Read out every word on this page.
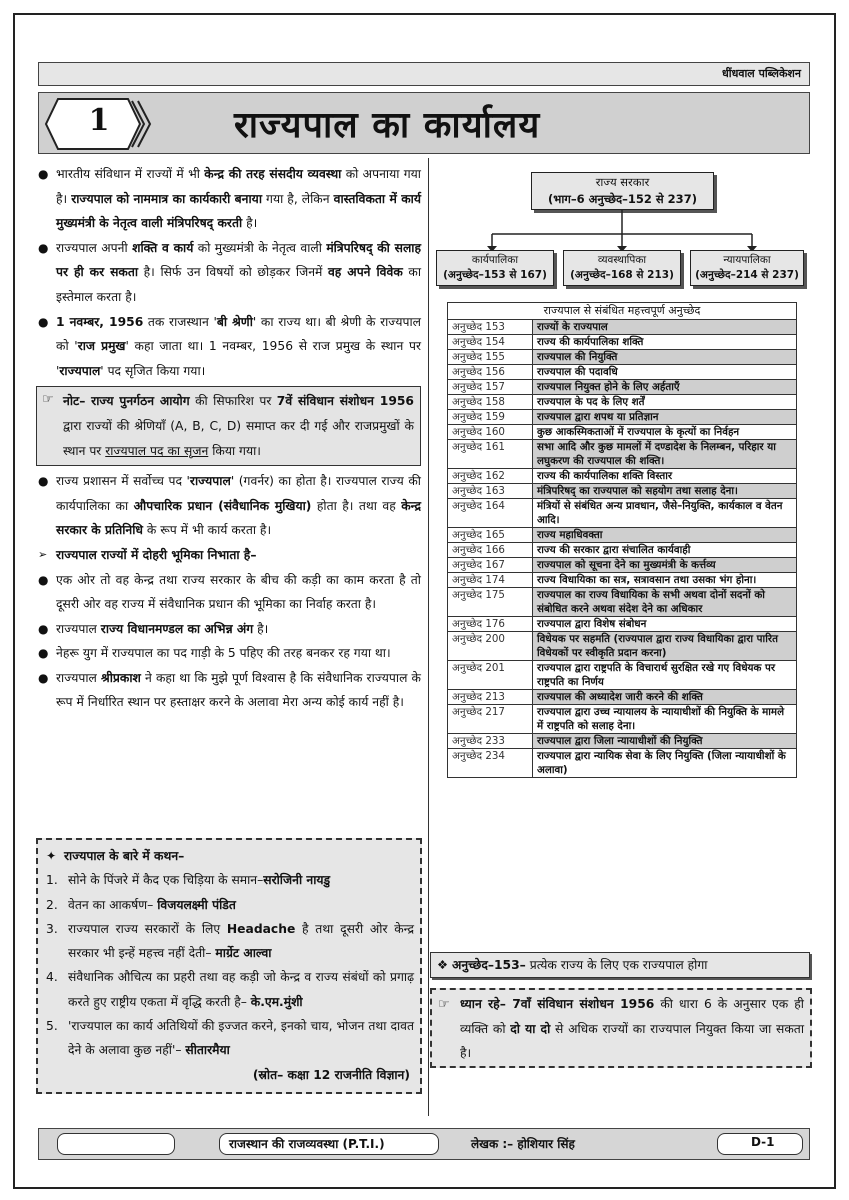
धींधवाल पब्लिकेशन
1	राज्यपाल का कार्यालय
● भारतीय संविधान में राज्यों में भी केन्द्र की तरह संसदीय व्यवस्था को अपनाया गया है। राज्यपाल को नाममात्र का कार्यकारी बनाया गया है, लेकिन वास्तविकता में कार्य मुख्यमंत्री के नेतृत्व वाली मंत्रिपरिषद् करती है।
● राज्यपाल अपनी शक्ति व कार्य को मुख्यमंत्री के नेतृत्व वाली मंत्रिपरिषद् की सलाह पर ही कर सकता है। सिर्फ उन विषयों को छोड़कर जिनमें वह अपने विवेक का इस्तेमाल करता है।
● 1 नवम्बर, 1956 तक राजस्थान 'बी श्रेणी' का राज्य था। बी श्रेणी के राज्यपाल को 'राज प्रमुख' कहा जाता था। 1 नवम्बर, 1956 से राज प्रमुख के स्थान पर 'राज्यपाल' पद सृजित किया गया।
☞ नोट– राज्य पुनर्गठन आयोग की सिफारिश पर 7वें संविधान संशोधन 1956 द्वारा राज्यों की श्रेणियाँ (A, B, C, D) समाप्त कर दी गई और राजप्रमुखों के स्थान पर राज्यपाल पद का सृजन किया गया।
● राज्य प्रशासन में सर्वोच्च पद 'राज्यपाल' (गवर्नर) का होता है। राज्यपाल राज्य की कार्यपालिका का औपचारिक प्रधान (संवैधानिक मुखिया) होता है। तथा वह केन्द्र सरकार के प्रतिनिधि के रूप में भी कार्य करता है।
➢ राज्यपाल राज्यों में दोहरी भूमिका निभाता है–
● एक ओर तो वह केन्द्र तथा राज्य सरकार के बीच की कड़ी का काम करता है तो दूसरी ओर वह राज्य में संवैधानिक प्रधान की भूमिका का निर्वाह करता है।
● राज्यपाल राज्य विधानमण्डल का अभिन्न अंग है।
● नेहरू युग में राज्यपाल का पद गाड़ी के 5 पहिए की तरह बनकर रह गया था।
● राज्यपाल श्रीप्रकाश ने कहा था कि मुझे पूर्ण विश्वास है कि संवैधानिक राज्यपाल के रूप में निर्धारित स्थान पर हस्ताक्षर करने के अलावा मेरा अन्य कोई कार्य नहीं है।
✦ राज्यपाल के बारे में कथन–
1. सोने के पिंजरे में कैद एक चिड़िया के समान–सरोजिनी नायडु
2. वेतन का आकर्षण– विजयलक्ष्मी पंडित
3. राज्यपाल राज्य सरकारों के लिए Headache है तथा दूसरी ओर केन्द्र सरकार भी इन्हें महत्त्व नहीं देती– मार्ग्रेट आल्वा
4. संवैधानिक औचित्य का प्रहरी तथा वह कड़ी जो केन्द्र व राज्य संबंधों को प्रगाढ़ करते हुए राष्ट्रीय एकता में वृद्धि करती है– के.एम.मुंशी
5. 'राज्यपाल का कार्य अतिथियों की इज्जत करने, इनको चाय, भोजन तथा दावत देने के अलावा कुछ नहीं'– सीतारमैया
(स्रोत– कक्षा 12 राजनीति विज्ञान)
राज्य सरकार
(भाग–6 अनुच्छेद–152 से 237)
कार्यपालिका
(अनुच्छेद–153 से 167)
व्यवस्थापिका
(अनुच्छेद–168 से 213)
न्यायपालिका
(अनुच्छेद–214 से 237)
राज्यपाल से संबंधित महत्त्वपूर्ण अनुच्छेद
अनुच्छेद 153	राज्यों के राज्यपाल
अनुच्छेद 154	राज्य की कार्यपालिका शक्ति
अनुच्छेद 155	राज्यपाल की नियुक्ति
अनुच्छेद 156	राज्यपाल की पदावधि
अनुच्छेद 157	राज्यपाल नियुक्त होने के लिए अर्हताएँ
अनुच्छेद 158	राज्यपाल के पद के लिए शर्तें
अनुच्छेद 159	राज्यपाल द्वारा शपथ या प्रतिज्ञान
अनुच्छेद 160	कुछ आकस्मिकताओं में राज्यपाल के कृत्यों का निर्वहन
अनुच्छेद 161	सभा आदि और कुछ मामलों में दण्डादेश के निलम्बन, परिहार या लघुकरण की राज्यपाल की शक्ति।
अनुच्छेद 162	राज्य की कार्यपालिका शक्ति विस्तार
अनुच्छेद 163	मंत्रिपरिषद् का राज्यपाल को सहयोग तथा सलाह देना।
अनुच्छेद 164	मंत्रियों से संबंधित अन्य प्रावधान, जैसे–नियुक्ति, कार्यकाल व वेतन आदि।
अनुच्छेद 165	राज्य महाधिवक्ता
अनुच्छेद 166	राज्य की सरकार द्वारा संचालित कार्यवाही
अनुच्छेद 167	राज्यपाल को सूचना देने का मुख्यमंत्री के कर्त्तव्य
अनुच्छेद 174	राज्य विधायिका का सत्र, सत्रावसान तथा उसका भंग होना।
अनुच्छेद 175	राज्यपाल का राज्य विधायिका के सभी अथवा दोनों सदनों को संबोधित करने अथवा संदेश देने का अधिकार
अनुच्छेद 176	राज्यपाल द्वारा विशेष संबोधन
अनुच्छेद 200	विधेयक पर सहमति (राज्यपाल द्वारा राज्य विधायिका द्वारा पारित विधेयकों पर स्वीकृति प्रदान करना)
अनुच्छेद 201	राज्यपाल द्वारा राष्ट्रपति के विचारार्थ सुरक्षित रखे गए विधेयक पर राष्ट्रपति का निर्णय
अनुच्छेद 213	राज्यपाल की अध्यादेश जारी करने की शक्ति
अनुच्छेद 217	राज्यपाल द्वारा उच्च न्यायालय के न्यायाधीशों की नियुक्ति के मामले में राष्ट्रपति को सलाह देना।
अनुच्छेद 233	राज्यपाल द्वारा जिला न्यायाधीशों की नियुक्ति
अनुच्छेद 234	राज्यपाल द्वारा न्यायिक सेवा के लिए नियुक्ति (जिला न्यायाधीशों के अलावा)
❖ अनुच्छेद–153– प्रत्येक राज्य के लिए एक राज्यपाल होगा
☞ ध्यान रहे– 7वाँ संविधान संशोधन 1956 की धारा 6 के अनुसार एक ही व्यक्ति को दो या दो से अधिक राज्यों का राज्यपाल नियुक्त किया जा सकता है।
राजस्थान की राजव्यवस्था (P.T.I.)	लेखक :– होशियार सिंह	D-1
